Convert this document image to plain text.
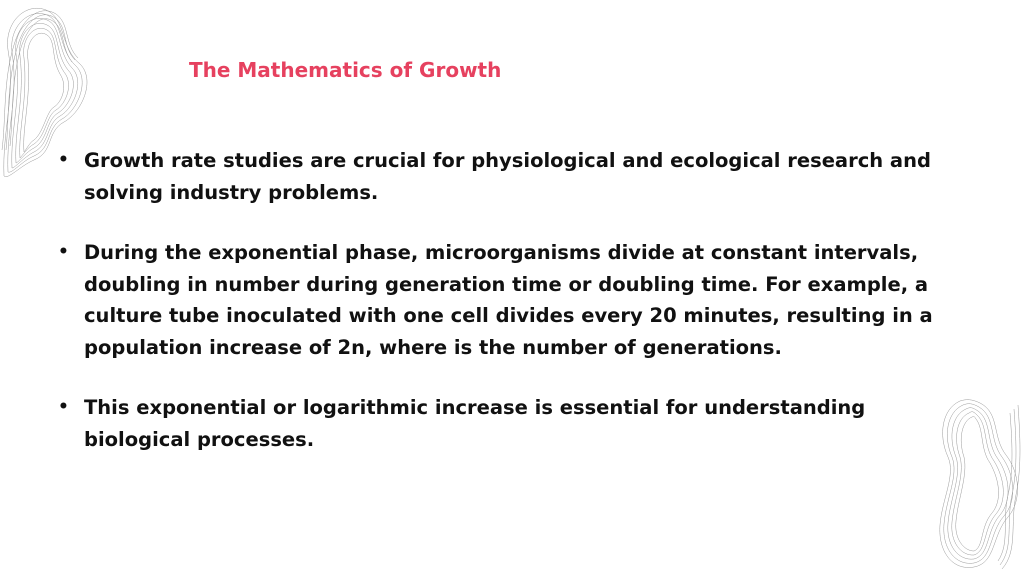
The Mathematics of Growth
• Growth rate studies are crucial for physiological and ecological research and solving industry problems.
• During the exponential phase, microorganisms divide at constant intervals, doubling in number during generation time or doubling time. For example, a culture tube inoculated with one cell divides every 20 minutes, resulting in a population increase of 2n, where is the number of generations.
• This exponential or logarithmic increase is essential for understanding biological processes.
